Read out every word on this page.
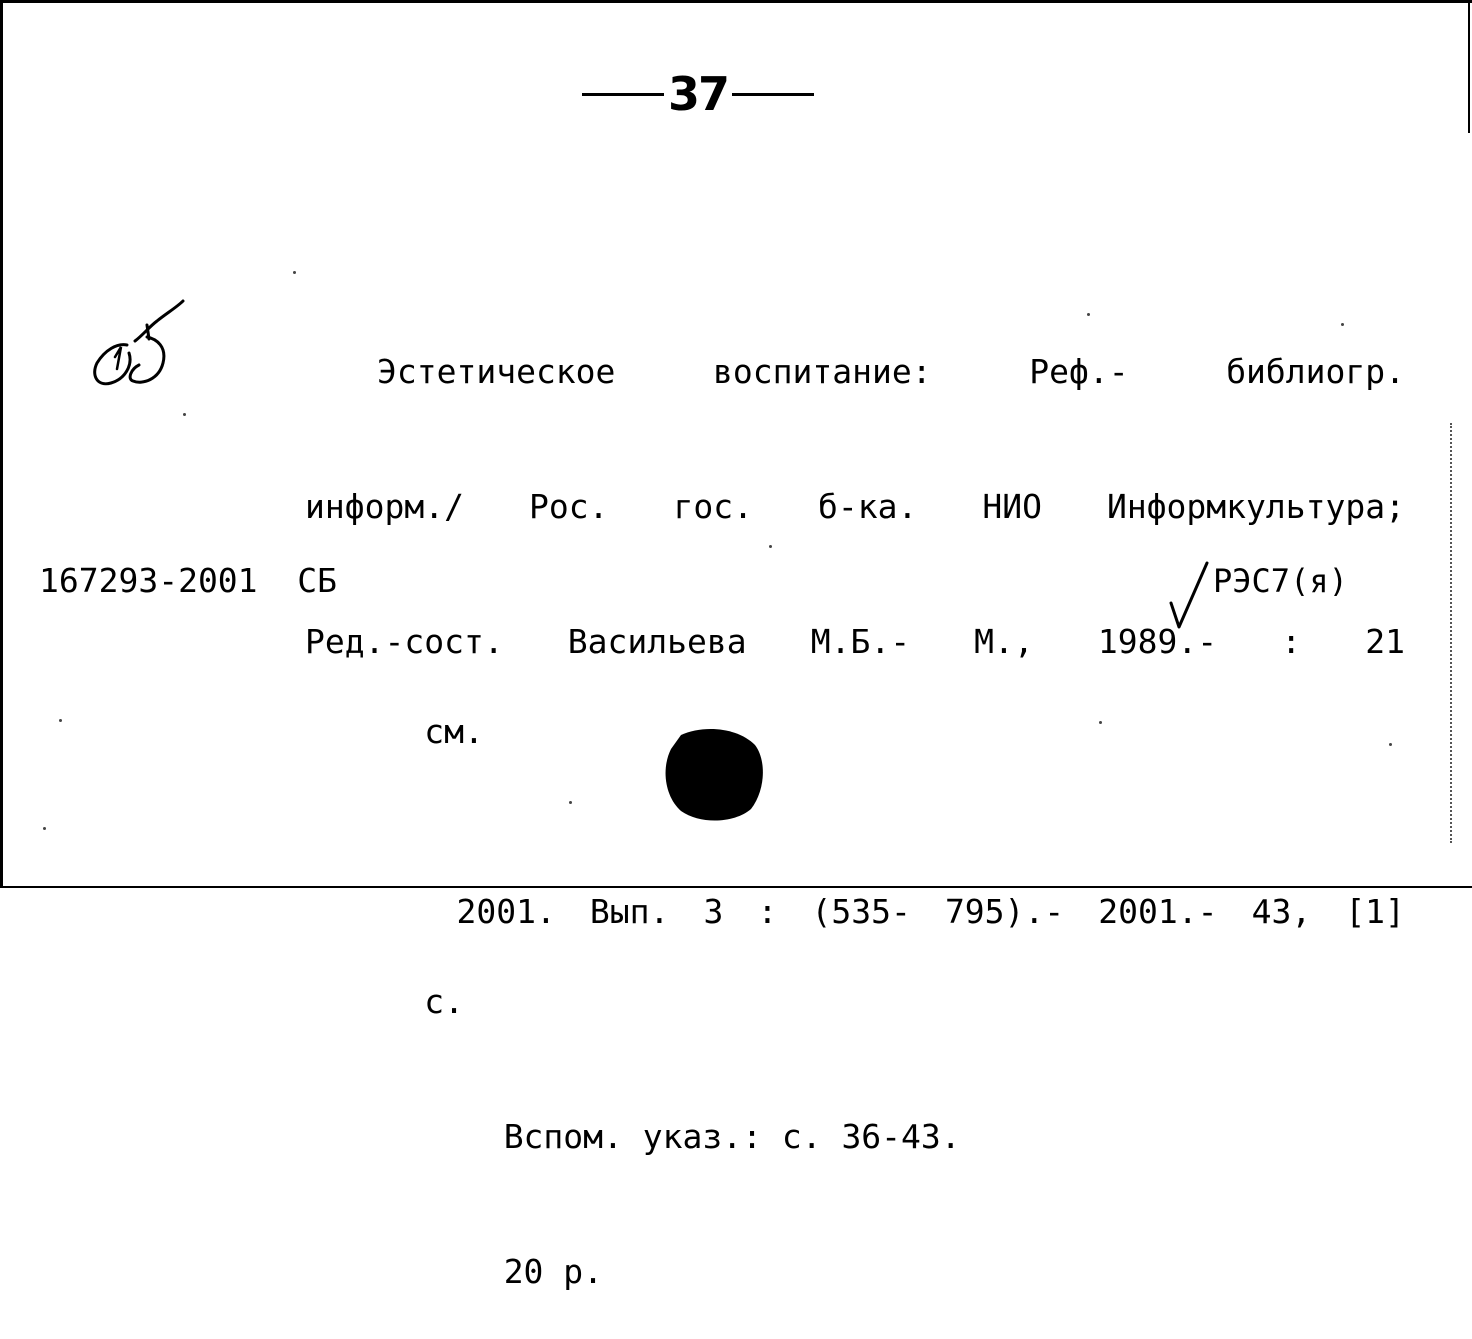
37

Эстетическое	воспитание:	Реф.-	библиогр.

информ./ Рос. гос. б-ка. НИО Информкультура;

Ред.-сост. Васильева М.Б.- М., 1989.- : 21

см.

2001. Вып. 3 : (535- 795).- 2001.- 43, [1]

с.

Вспом. указ.: с. 36-43.

20 р.

167293-2001  СБ	РЭС7(я)
